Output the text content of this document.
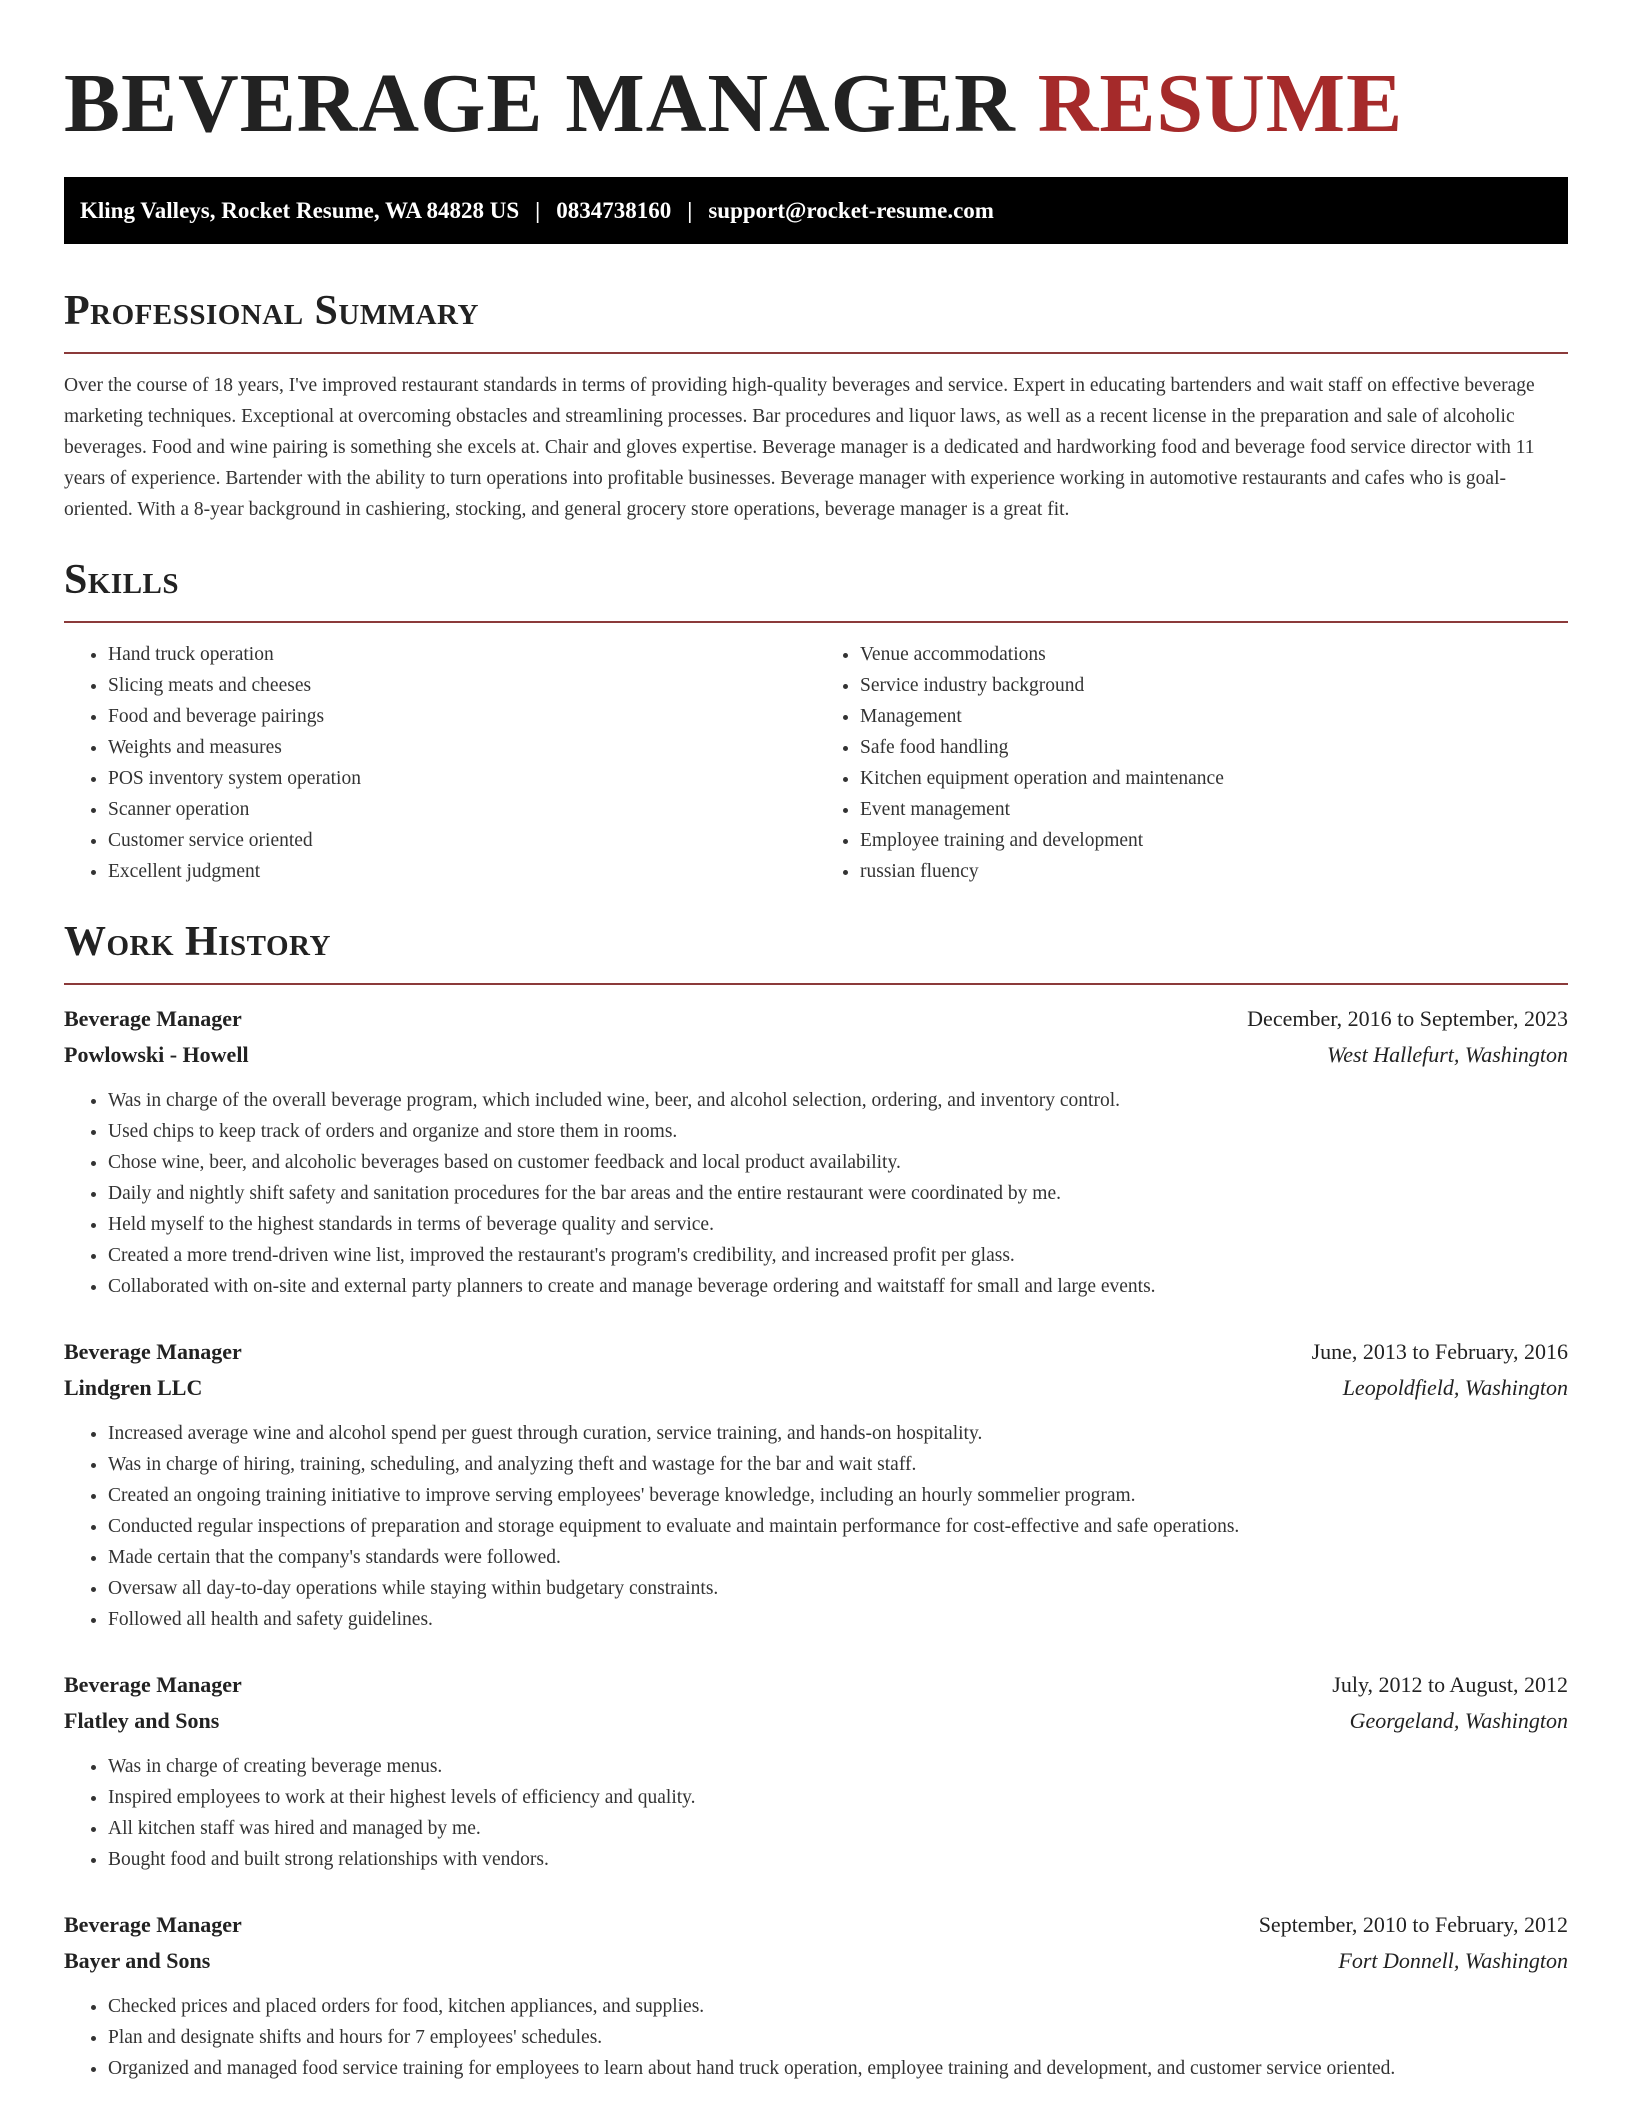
BEVERAGE MANAGER RESUME
Kling Valleys, Rocket Resume, WA 84828 US | 0834738160 | support@rocket-resume.com
Professional Summary

Over the course of 18 years, I've improved restaurant standards in terms of providing high-quality beverages and service. Expert in educating bartenders and wait staff on effective beverage marketing techniques. Exceptional at overcoming obstacles and streamlining processes. Bar procedures and liquor laws, as well as a recent license in the preparation and sale of alcoholic beverages. Food and wine pairing is something she excels at. Chair and gloves expertise. Beverage manager is a dedicated and hardworking food and beverage food service director with 11 years of experience. Bartender with the ability to turn operations into profitable businesses. Beverage manager with experience working in automotive restaurants and cafes who is goal-oriented. With a 8-year background in cashiering, stocking, and general grocery store operations, beverage manager is a great fit.

Skills
• Hand truck operation
• Slicing meats and cheeses
• Food and beverage pairings
• Weights and measures
• POS inventory system operation
• Scanner operation
• Customer service oriented
• Excellent judgment
• Venue accommodations
• Service industry background
• Management
• Safe food handling
• Kitchen equipment operation and maintenance
• Event management
• Employee training and development
• russian fluency
Work History
Beverage Manager	December, 2016 to September, 2023
Powlowski - Howell	West Hallefurt, Washington
• Was in charge of the overall beverage program, which included wine, beer, and alcohol selection, ordering, and inventory control.
• Used chips to keep track of orders and organize and store them in rooms.
• Chose wine, beer, and alcoholic beverages based on customer feedback and local product availability.
• Daily and nightly shift safety and sanitation procedures for the bar areas and the entire restaurant were coordinated by me.
• Held myself to the highest standards in terms of beverage quality and service.
• Created a more trend-driven wine list, improved the restaurant's program's credibility, and increased profit per glass.
• Collaborated with on-site and external party planners to create and manage beverage ordering and waitstaff for small and large events.
Beverage Manager	June, 2013 to February, 2016
Lindgren LLC	Leopoldfield, Washington
• Increased average wine and alcohol spend per guest through curation, service training, and hands-on hospitality.
• Was in charge of hiring, training, scheduling, and analyzing theft and wastage for the bar and wait staff.
• Created an ongoing training initiative to improve serving employees' beverage knowledge, including an hourly sommelier program.
• Conducted regular inspections of preparation and storage equipment to evaluate and maintain performance for cost-effective and safe operations.
• Made certain that the company's standards were followed.
• Oversaw all day-to-day operations while staying within budgetary constraints.
• Followed all health and safety guidelines.
Beverage Manager	July, 2012 to August, 2012
Flatley and Sons	Georgeland, Washington
• Was in charge of creating beverage menus.
• Inspired employees to work at their highest levels of efficiency and quality.
• All kitchen staff was hired and managed by me.
• Bought food and built strong relationships with vendors.
Beverage Manager	September, 2010 to February, 2012
Bayer and Sons	Fort Donnell, Washington
• Checked prices and placed orders for food, kitchen appliances, and supplies.
• Plan and designate shifts and hours for 7 employees' schedules.
• Organized and managed food service training for employees to learn about hand truck operation, employee training and development, and customer service oriented.
